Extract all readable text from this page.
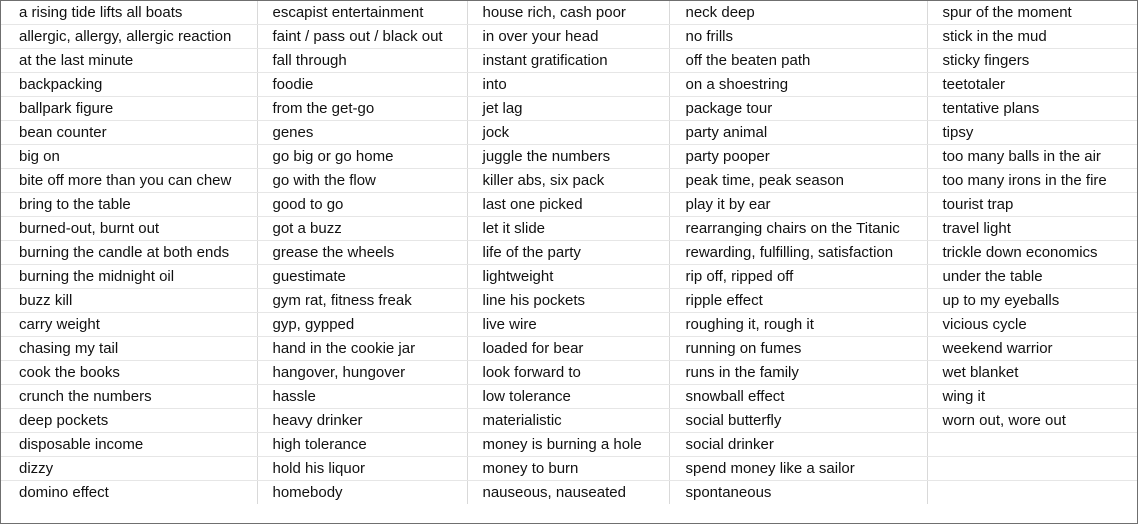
a rising tide lifts all boats	escapist entertainment	house rich, cash poor	neck deep	spur of the moment
allergic, allergy, allergic reaction	faint / pass out / black out	in over your head	no frills	stick in the mud
at the last minute	fall through	instant gratification	off the beaten path	sticky fingers
backpacking	foodie	into	on a shoestring	teetotaler
ballpark figure	from the get-go	jet lag	package tour	tentative plans
bean counter	genes	jock	party animal	tipsy
big on	go big or go home	juggle the numbers	party pooper	too many balls in the air
bite off more than you can chew	go with the flow	killer abs, six pack	peak time, peak season	too many irons in the fire
bring to the table	good to go	last one picked	play it by ear	tourist trap
burned-out, burnt out	got a buzz	let it slide	rearranging chairs on the Titanic	travel light
burning the candle at both ends	grease the wheels	life of the party	rewarding, fulfilling, satisfaction	trickle down economics
burning the midnight oil	guestimate	lightweight	rip off, ripped off	under the table
buzz kill	gym rat, fitness freak	line his pockets	ripple effect	up to my eyeballs
carry weight	gyp, gypped	live wire	roughing it, rough it	vicious cycle
chasing my tail	hand in the cookie jar	loaded for bear	running on fumes	weekend warrior
cook the books	hangover, hungover	look forward to	runs in the family	wet blanket
crunch the numbers	hassle	low tolerance	snowball effect	wing it
deep pockets	heavy drinker	materialistic	social butterfly	worn out, wore out
disposable income	high tolerance	money is burning a hole	social drinker	
dizzy	hold his liquor	money to burn	spend money like a sailor	
domino effect	homebody	nauseous, nauseated	spontaneous	
